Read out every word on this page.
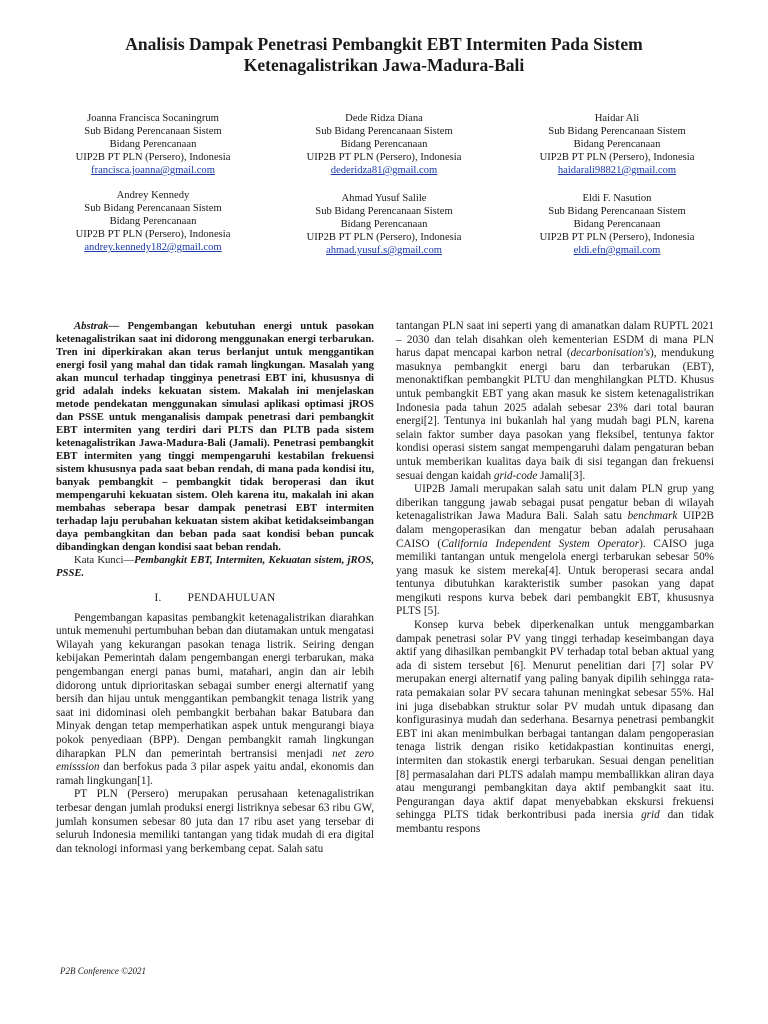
Analisis Dampak Penetrasi Pembangkit EBT Intermiten Pada Sistem
Ketenagalistrikan Jawa-Madura-Bali
Joanna Francisca Socaningrum
Sub Bidang Perencanaan Sistem
Bidang Perencanaan
UIP2B PT PLN (Persero), Indonesia
francisca.joanna@gmail.com
Dede Ridza Diana
Sub Bidang Perencanaan Sistem
Bidang Perencanaan
UIP2B PT PLN (Persero), Indonesia
dederidza81@gmail.com
Haidar Ali
Sub Bidang Perencanaan Sistem
Bidang Perencanaan
UIP2B PT PLN (Persero), Indonesia
haidarali98821@gmail.com
Andrey Kennedy
Sub Bidang Perencanaan Sistem
Bidang Perencanaan
UIP2B PT PLN (Persero), Indonesia
andrey.kennedy182@gmail.com
Ahmad Yusuf Salile
Sub Bidang Perencanaan Sistem
Bidang Perencanaan
UIP2B PT PLN (Persero), Indonesia
ahmad.yusuf.s@gmail.com
Eldi F. Nasution
Sub Bidang Perencanaan Sistem
Bidang Perencanaan
UIP2B PT PLN (Persero), Indonesia
eldi.efn@gmail.com

Abstrak— Pengembangan kebutuhan energi untuk pasokan ketenagalistrikan saat ini didorong menggunakan energi terbarukan. Tren ini diperkirakan akan terus berlanjut untuk menggantikan energi fosil yang mahal dan tidak ramah lingkungan. Masalah yang akan muncul terhadap tingginya penetrasi EBT ini, khususnya di grid adalah indeks kekuatan sistem. Makalah ini menjelaskan metode pendekatan menggunakan simulasi aplikasi optimasi jROS dan PSSE untuk menganalisis dampak penetrasi dari pembangkit EBT intermiten yang terdiri dari PLTS dan PLTB pada sistem ketenagalistrikan Jawa-Madura-Bali (Jamali). Penetrasi pembangkit EBT intermiten yang tinggi mempengaruhi kestabilan frekuensi sistem khususnya pada saat beban rendah, di mana pada kondisi itu, banyak pembangkit – pembangkit tidak beroperasi dan ikut mempengaruhi kekuatan sistem. Oleh karena itu, makalah ini akan membahas seberapa besar dampak penetrasi EBT intermiten terhadap laju perubahan kekuatan sistem akibat ketidakseimbangan daya pembangkitan dan beban pada saat kondisi beban puncak dibandingkan dengan kondisi saat beban rendah.

Kata Kunci—Pembangkit EBT, Intermiten, Kekuatan sistem, jROS, PSSE.

I. PENDAHULUAN

Pengembangan kapasitas pembangkit ketenagalistrikan diarahkan untuk memenuhi pertumbuhan beban dan diutamakan untuk mengatasi Wilayah yang kekurangan pasokan tenaga listrik. Seiring dengan kebijakan Pemerintah dalam pengembangan energi terbarukan, maka pengembangan energi panas bumi, matahari, angin dan air lebih didorong untuk diprioritaskan sebagai sumber energi alternatif yang bersih dan hijau untuk menggantikan pembangkit tenaga listrik yang saat ini didominasi oleh pembangkit berbahan bakar Batubara dan Minyak dengan tetap memperhatikan aspek untuk mengurangi biaya pokok penyediaan (BPP). Dengan pembangkit ramah lingkungan diharapkan PLN dan pemerintah bertransisi menjadi net zero emisssion dan berfokus pada 3 pilar aspek yaitu andal, ekonomis dan ramah lingkungan[1].

PT PLN (Persero) merupakan perusahaan ketenagalistrikan terbesar dengan jumlah produksi energi listriknya sebesar 63 ribu GW, jumlah konsumen sebesar 80 juta dan 17 ribu aset yang tersebar di seluruh Indonesia memiliki tantangan yang tidak mudah di era digital dan teknologi informasi yang berkembang cepat. Salah satu

tantangan PLN saat ini seperti yang di amanatkan dalam RUPTL 2021 – 2030 dan telah disahkan oleh kementerian ESDM di mana PLN harus dapat mencapai karbon netral (decarbonisation's), mendukung masuknya pembangkit energi baru dan terbarukan (EBT), menonaktifkan pembangkit PLTU dan menghilangkan PLTD. Khusus untuk pembangkit EBT yang akan masuk ke sistem ketenagalistrikan Indonesia pada tahun 2025 adalah sebesar 23% dari total bauran energi[2]. Tentunya ini bukanlah hal yang mudah bagi PLN, karena selain faktor sumber daya pasokan yang fleksibel, tentunya faktor kondisi operasi sistem sangat mempengaruhi dalam pengaturan beban untuk memberikan kualitas daya baik di sisi tegangan dan frekuensi sesuai dengan kaidah grid-code Jamali[3].

UIP2B Jamali merupakan salah satu unit dalam PLN grup yang diberikan tanggung jawab sebagai pusat pengatur beban di wilayah ketenagalistrikan Jawa Madura Bali. Salah satu benchmark UIP2B dalam mengoperasikan dan mengatur beban adalah perusahaan CAISO (California Independent System Operator). CAISO juga memiliki tantangan untuk mengelola energi terbarukan sebesar 50% yang masuk ke sistem mereka[4]. Untuk beroperasi secara andal tentunya dibutuhkan karakteristik sumber pasokan yang dapat mengikuti respons kurva bebek dari pembangkit EBT, khususnya PLTS [5].

Konsep kurva bebek diperkenalkan untuk menggambarkan dampak penetrasi solar PV yang tinggi terhadap keseimbangan daya aktif yang dihasilkan pembangkit PV terhadap total beban aktual yang ada di sistem tersebut [6]. Menurut penelitian dari [7] solar PV merupakan energi alternatif yang paling banyak dipilih sehingga rata-rata pemakaian solar PV secara tahunan meningkat sebesar 55%. Hal ini juga disebabkan struktur solar PV mudah untuk dipasang dan konfigurasinya mudah dan sederhana. Besarnya penetrasi pembangkit EBT ini akan menimbulkan berbagai tantangan dalam pengoperasian tenaga listrik dengan risiko ketidakpastian kontinuitas energi, intermiten dan stokastik energi terbarukan. Sesuai dengan penelitian [8] permasalahan dari PLTS adalah mampu memballikkan aliran daya atau mengurangi pembangkitan daya aktif pembangkit saat itu. Pengurangan daya aktif dapat menyebabkan ekskursi frekuensi sehingga PLTS tidak berkontribusi pada inersia grid dan tidak membantu respons

P2B Conference ©2021
